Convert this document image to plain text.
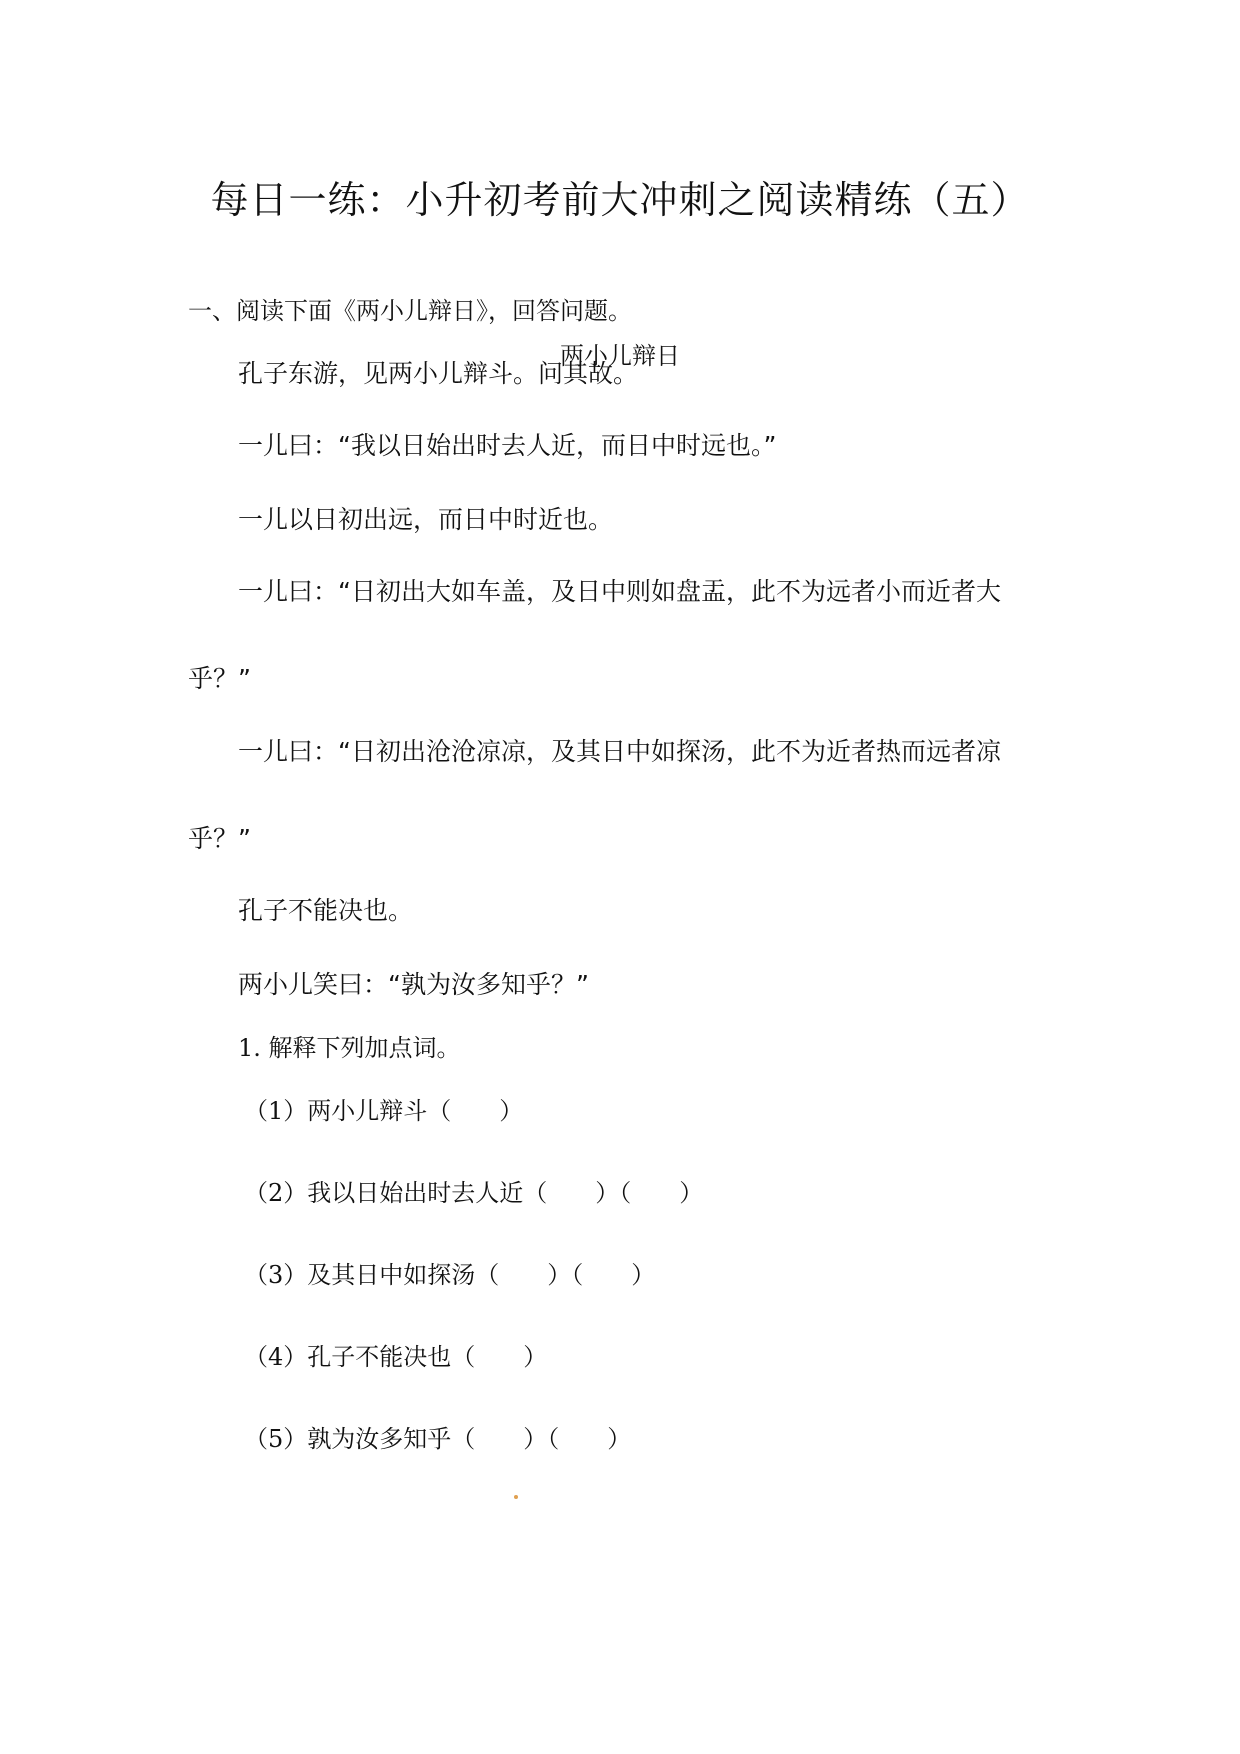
每日一练：小升初考前大冲刺之阅读精练（五）
一、阅读下面《两小儿辩日》，回答问题。
两小儿辩日
孔子东游，见两小儿辩斗。问其故。
一儿曰：“我以日始出时去人近，而日中时远也。”
一儿以日初出远，而日中时近也。
一儿曰：“日初出大如车盖，及日中则如盘盂，此不为远者小而近者大
乎？”
一儿曰：“日初出沧沧凉凉，及其日中如探汤，此不为近者热而远者凉
乎？”
孔子不能决也。
两小儿笑曰：“孰为汝多知乎？”
1. 解释下列加点词。
（1）两小儿辩斗（　　）
（2）我以日始出时去人近（　　）（　　）
（3）及其日中如探汤（　　）（　　）
（4）孔子不能决也（　　）
（5）孰为汝多知乎（　　）（　　）
